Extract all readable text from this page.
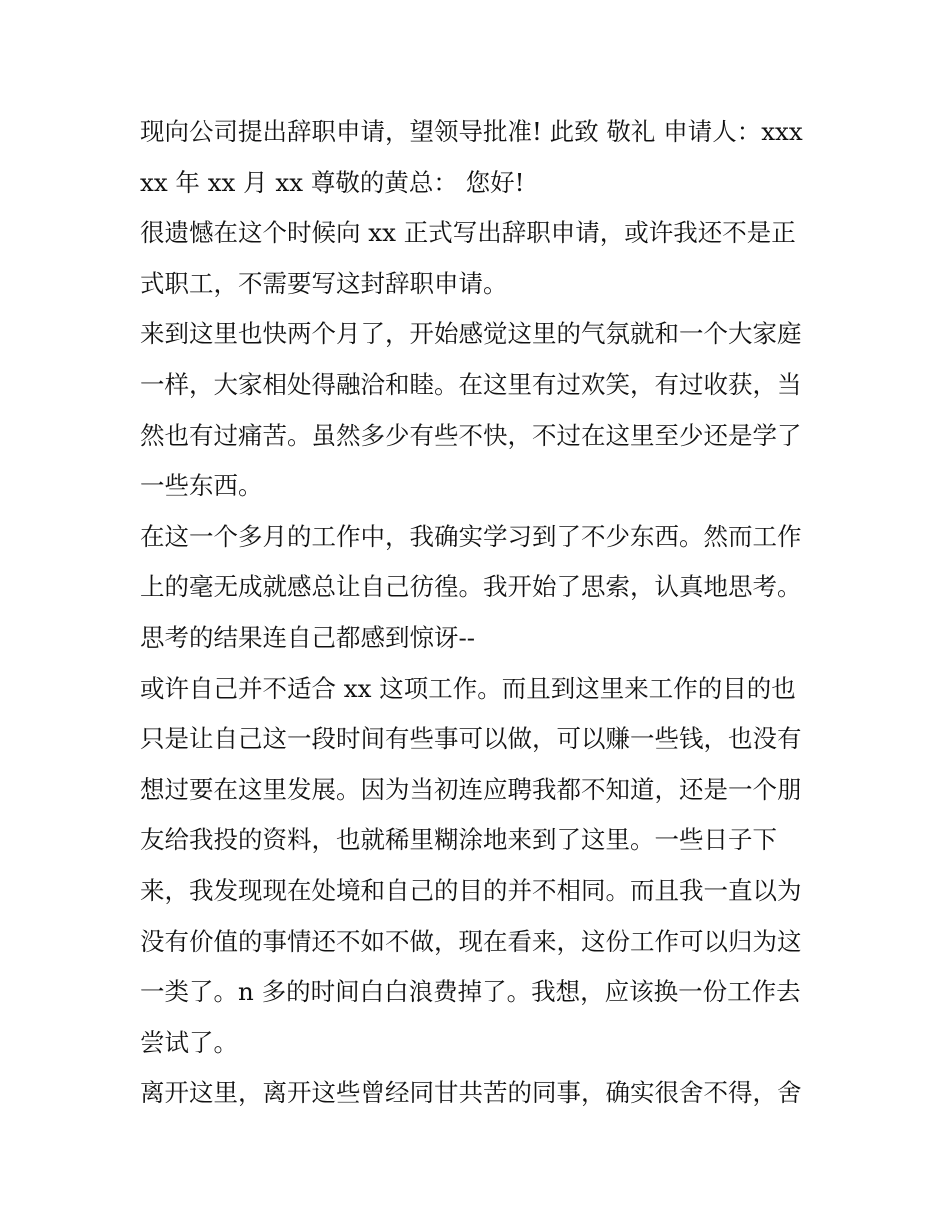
现向公司提出辞职申请，望领导批准! 此致 敬礼 申请人：xxx
xx 年 xx 月 xx 尊敬的黄总： 您好!
很遗憾在这个时候向 xx 正式写出辞职申请，或许我还不是正
式职工，不需要写这封辞职申请。
来到这里也快两个月了，开始感觉这里的气氛就和一个大家庭
一样，大家相处得融洽和睦。在这里有过欢笑，有过收获，当
然也有过痛苦。虽然多少有些不快，不过在这里至少还是学了
一些东西。
在这一个多月的工作中，我确实学习到了不少东西。然而工作
上的毫无成就感总让自己彷徨。我开始了思索，认真地思考。
思考的结果连自己都感到惊讶--
或许自己并不适合 xx 这项工作。而且到这里来工作的目的也
只是让自己这一段时间有些事可以做，可以赚一些钱，也没有
想过要在这里发展。因为当初连应聘我都不知道，还是一个朋
友给我投的资料，也就稀里糊涂地来到了这里。一些日子下
来，我发现现在处境和自己的目的并不相同。而且我一直以为
没有价值的事情还不如不做，现在看来，这份工作可以归为这
一类了。n 多的时间白白浪费掉了。我想，应该换一份工作去
尝试了。
离开这里，离开这些曾经同甘共苦的同事，确实很舍不得，舍
